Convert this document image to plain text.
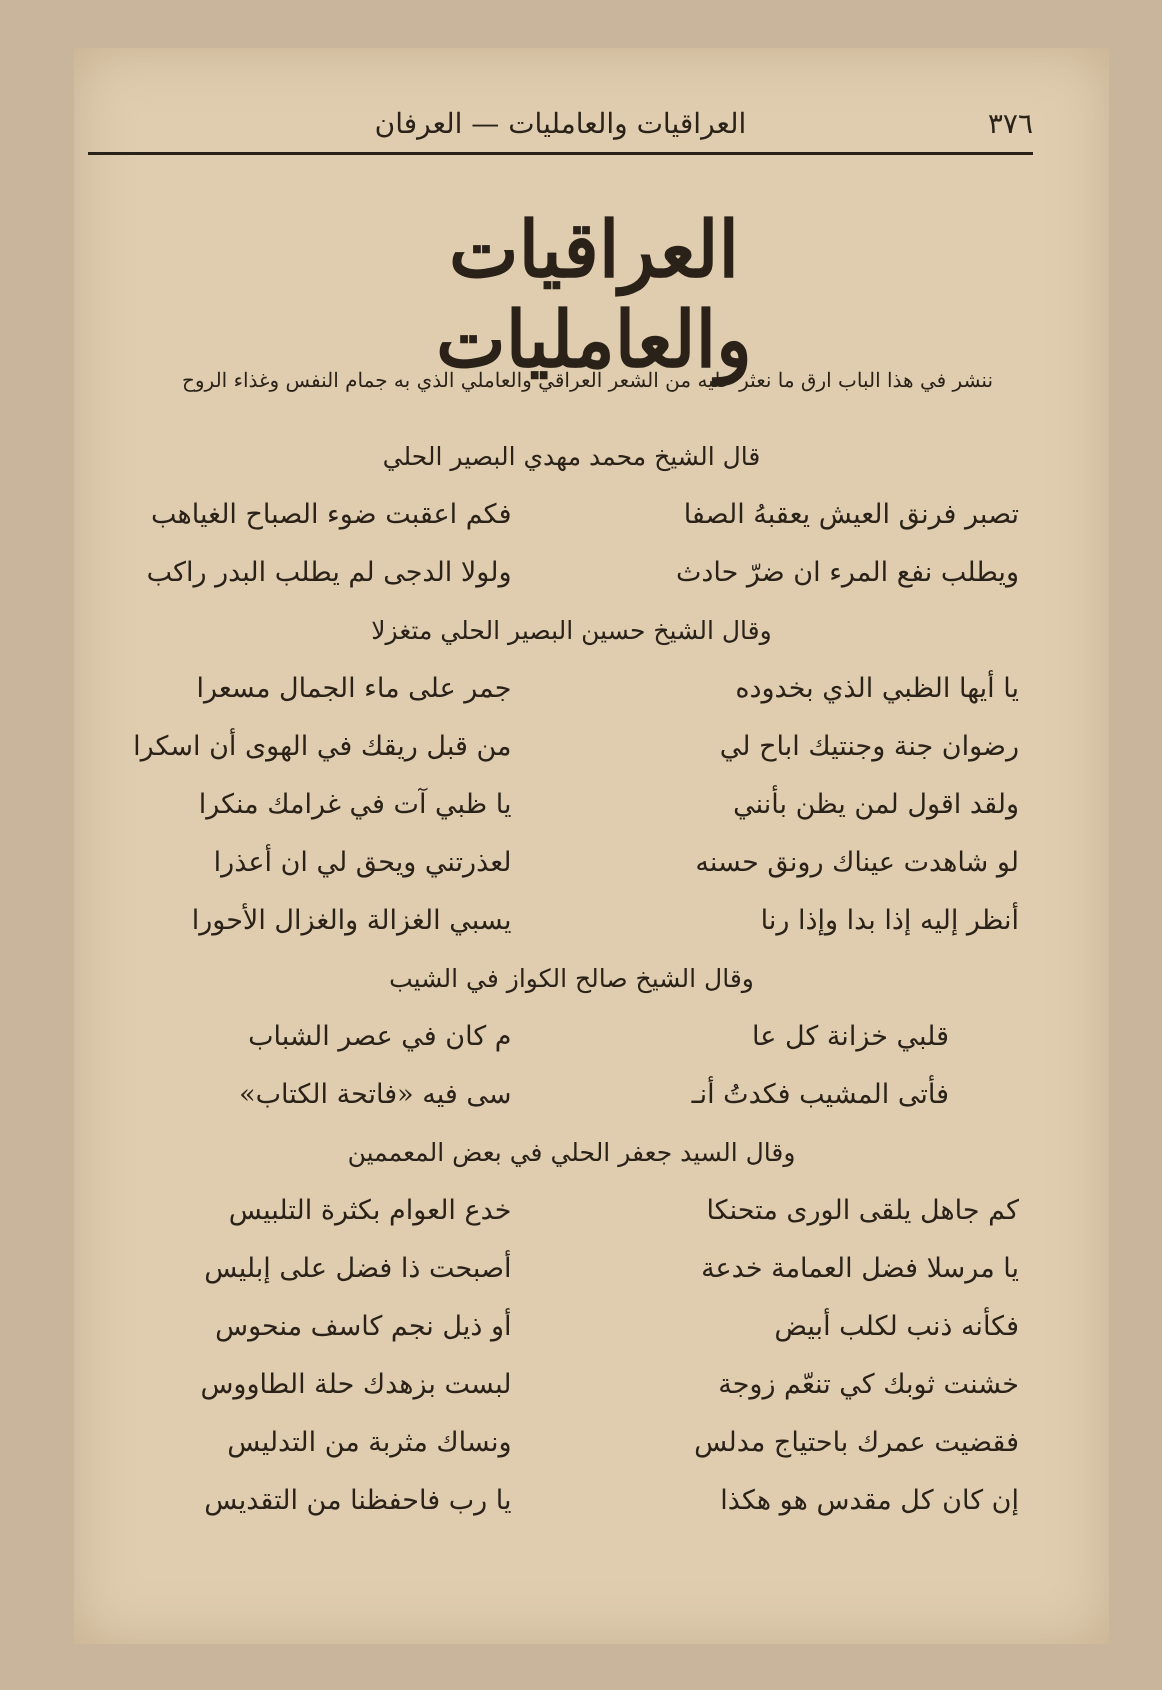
٣٧٦
العراقيات والعامليات — العرفان
العراقيات والعامليات
ننشر في هذا الباب ارق ما نعثر عليه من الشعر العراقي والعاملي الذي به جمام النفس وغذاء الروح
قال الشيخ محمد مهدي البصير الحلي
تصبر فرنق العيش يعقبهُ الصفا
فكم اعقبت ضوء الصباح الغياهب
ويطلب نفع المرء ان ضرّ حادث
ولولا الدجى لم يطلب البدر راكب
وقال الشيخ حسين البصير الحلي متغزلا
يا أيها الظبي الذي بخدوده
جمر على ماء الجمال مسعرا
رضوان جنة وجنتيك اباح لي
من قبل ريقك في الهوى أن اسكرا
ولقد اقول لمن يظن بأنني
يا ظبي آت في غرامك منكرا
لو شاهدت عيناك رونق حسنه
لعذرتني ويحق لي ان أعذرا
أنظر إليه إذا بدا وإذا رنا
يسبي الغزالة والغزال الأحورا
وقال الشيخ صالح الكواز في الشيب
قلبي خزانة كل عا
م كان في عصر الشباب
فأتى المشيب فكدتُ أنـ
سى فيه «فاتحة الكتاب»
وقال السيد جعفر الحلي في بعض المعممين
كم جاهل يلقى الورى متحنكا
خدع العوام بكثرة التلبيس
يا مرسلا فضل العمامة خدعة
أصبحت ذا فضل على إبليس
فكأنه ذنب لكلب أبيض
أو ذيل نجم كاسف منحوس
خشنت ثوبك كي تنعّم زوجة
لبست بزهدك حلة الطاووس
فقضيت عمرك باحتياج مدلس
ونساك مثربة من التدليس
إن كان كل مقدس هو هكذا
يا رب فاحفظنا من التقديس
